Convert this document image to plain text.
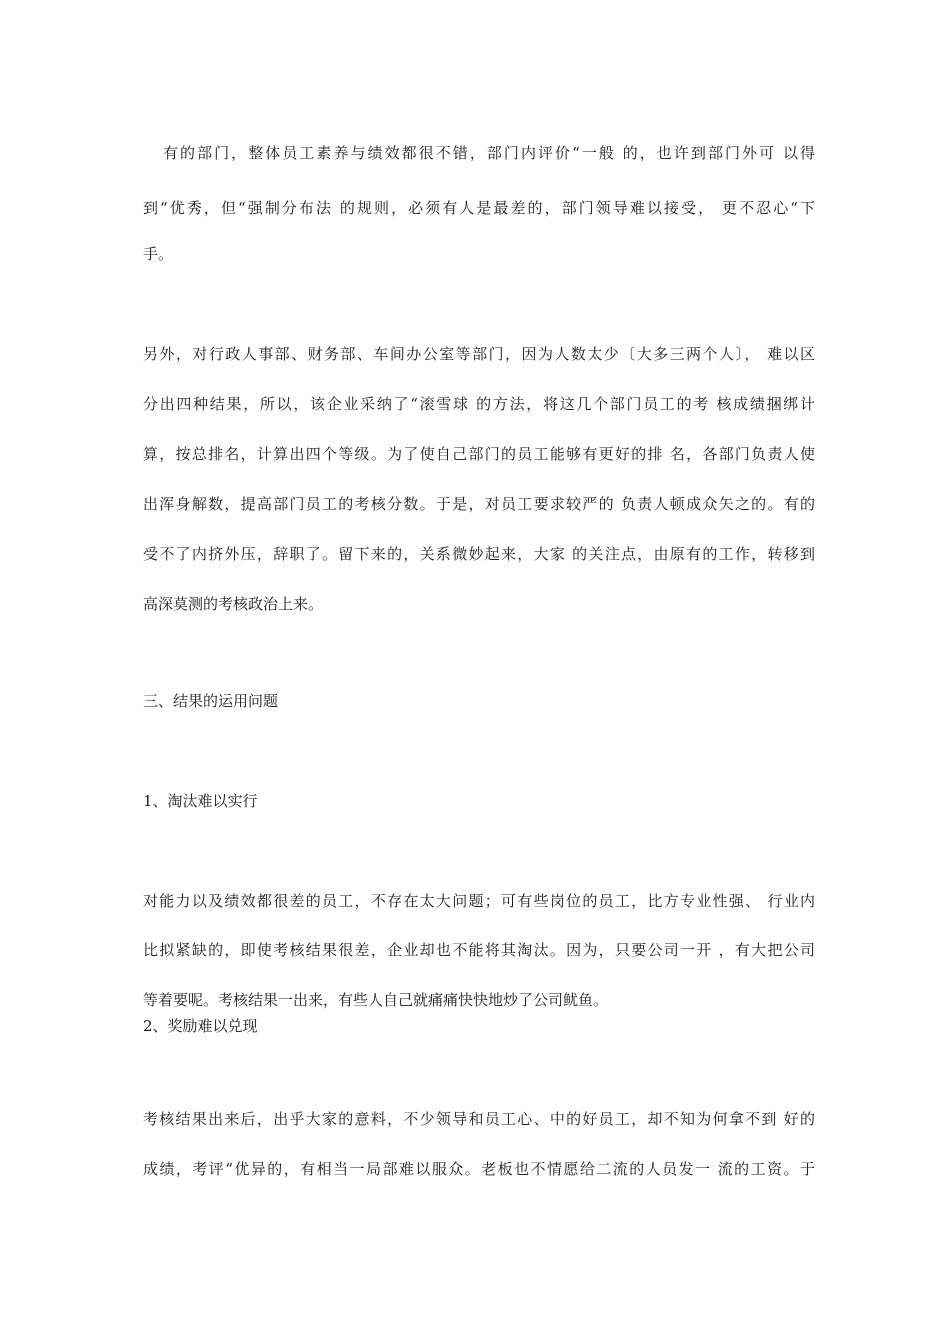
有的部门，整体员工素养与绩效都很不错，部门内评价“一般 的，也许到部门外可 以得
到“优秀，但“强制分布法 的规则，必须有人是最差的，部门领导难以接受， 更不忍心“下
手。
另外，对行政人事部、财务部、车间办公室等部门，因为人数太少〔大多三两个人〕， 难以区
分出四种结果，所以，该企业采纳了“滚雪球 的方法，将这几个部门员工的考 核成绩捆绑计
算，按总排名，计算出四个等级。为了使自己部门的员工能够有更好的排 名，各部门负责人使
出浑身解数，提高部门员工的考核分数。于是，对员工要求较严的 负责人顿成众矢之的。有的
受不了内挤外压，辞职了。留下来的，关系微妙起来，大家 的关注点，由原有的工作，转移到
高深莫测的考核政治上来。
三、结果的运用问题
1、淘汰难以实行
对能力以及绩效都很差的员工，不存在太大问题；可有些岗位的员工，比方专业性强、 行业内
比拟紧缺的，即使考核结果很差，企业却也不能将其淘汰。因为，只要公司一开 ，有大把公司
等着要呢。考核结果一出来，有些人自己就痛痛快快地炒了公司鱿鱼。
2、奖励难以兑现
考核结果出来后，出乎大家的意料，不少领导和员工心、中的好员工，却不知为何拿不到 好的
成绩，考评“优异的，有相当一局部难以服众。老板也不情愿给二流的人员发一 流的工资。于
